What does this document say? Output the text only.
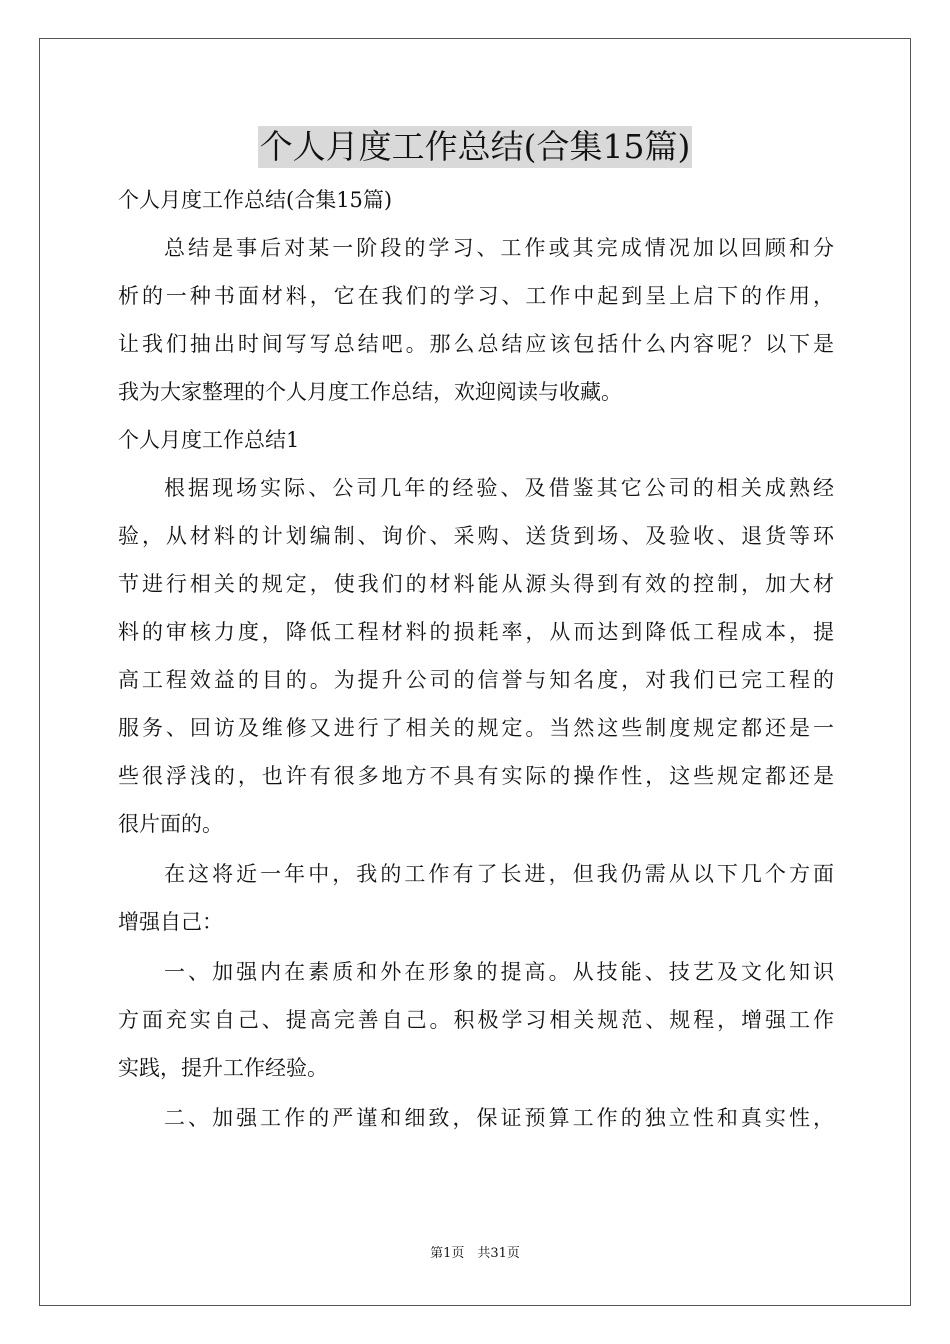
个人月度工作总结(合集15篇)
个人月度工作总结(合集15篇)
总结是事后对某一阶段的学习、工作或其完成情况加以回顾和分
析的一种书面材料，它在我们的学习、工作中起到呈上启下的作用，
让我们抽出时间写写总结吧。那么总结应该包括什么内容呢？以下是
我为大家整理的个人月度工作总结，欢迎阅读与收藏。
个人月度工作总结1
根据现场实际、公司几年的经验、及借鉴其它公司的相关成熟经
验，从材料的计划编制、询价、采购、送货到场、及验收、退货等环
节进行相关的规定，使我们的材料能从源头得到有效的控制，加大材
料的审核力度，降低工程材料的损耗率，从而达到降低工程成本，提
高工程效益的目的。为提升公司的信誉与知名度，对我们已完工程的
服务、回访及维修又进行了相关的规定。当然这些制度规定都还是一
些很浮浅的，也许有很多地方不具有实际的操作性，这些规定都还是
很片面的。
在这将近一年中，我的工作有了长进，但我仍需从以下几个方面
增强自己：
一、加强内在素质和外在形象的提高。从技能、技艺及文化知识
方面充实自己、提高完善自己。积极学习相关规范、规程，增强工作
实践，提升工作经验。
二、加强工作的严谨和细致，保证预算工作的独立性和真实性，
第1页　共31页
